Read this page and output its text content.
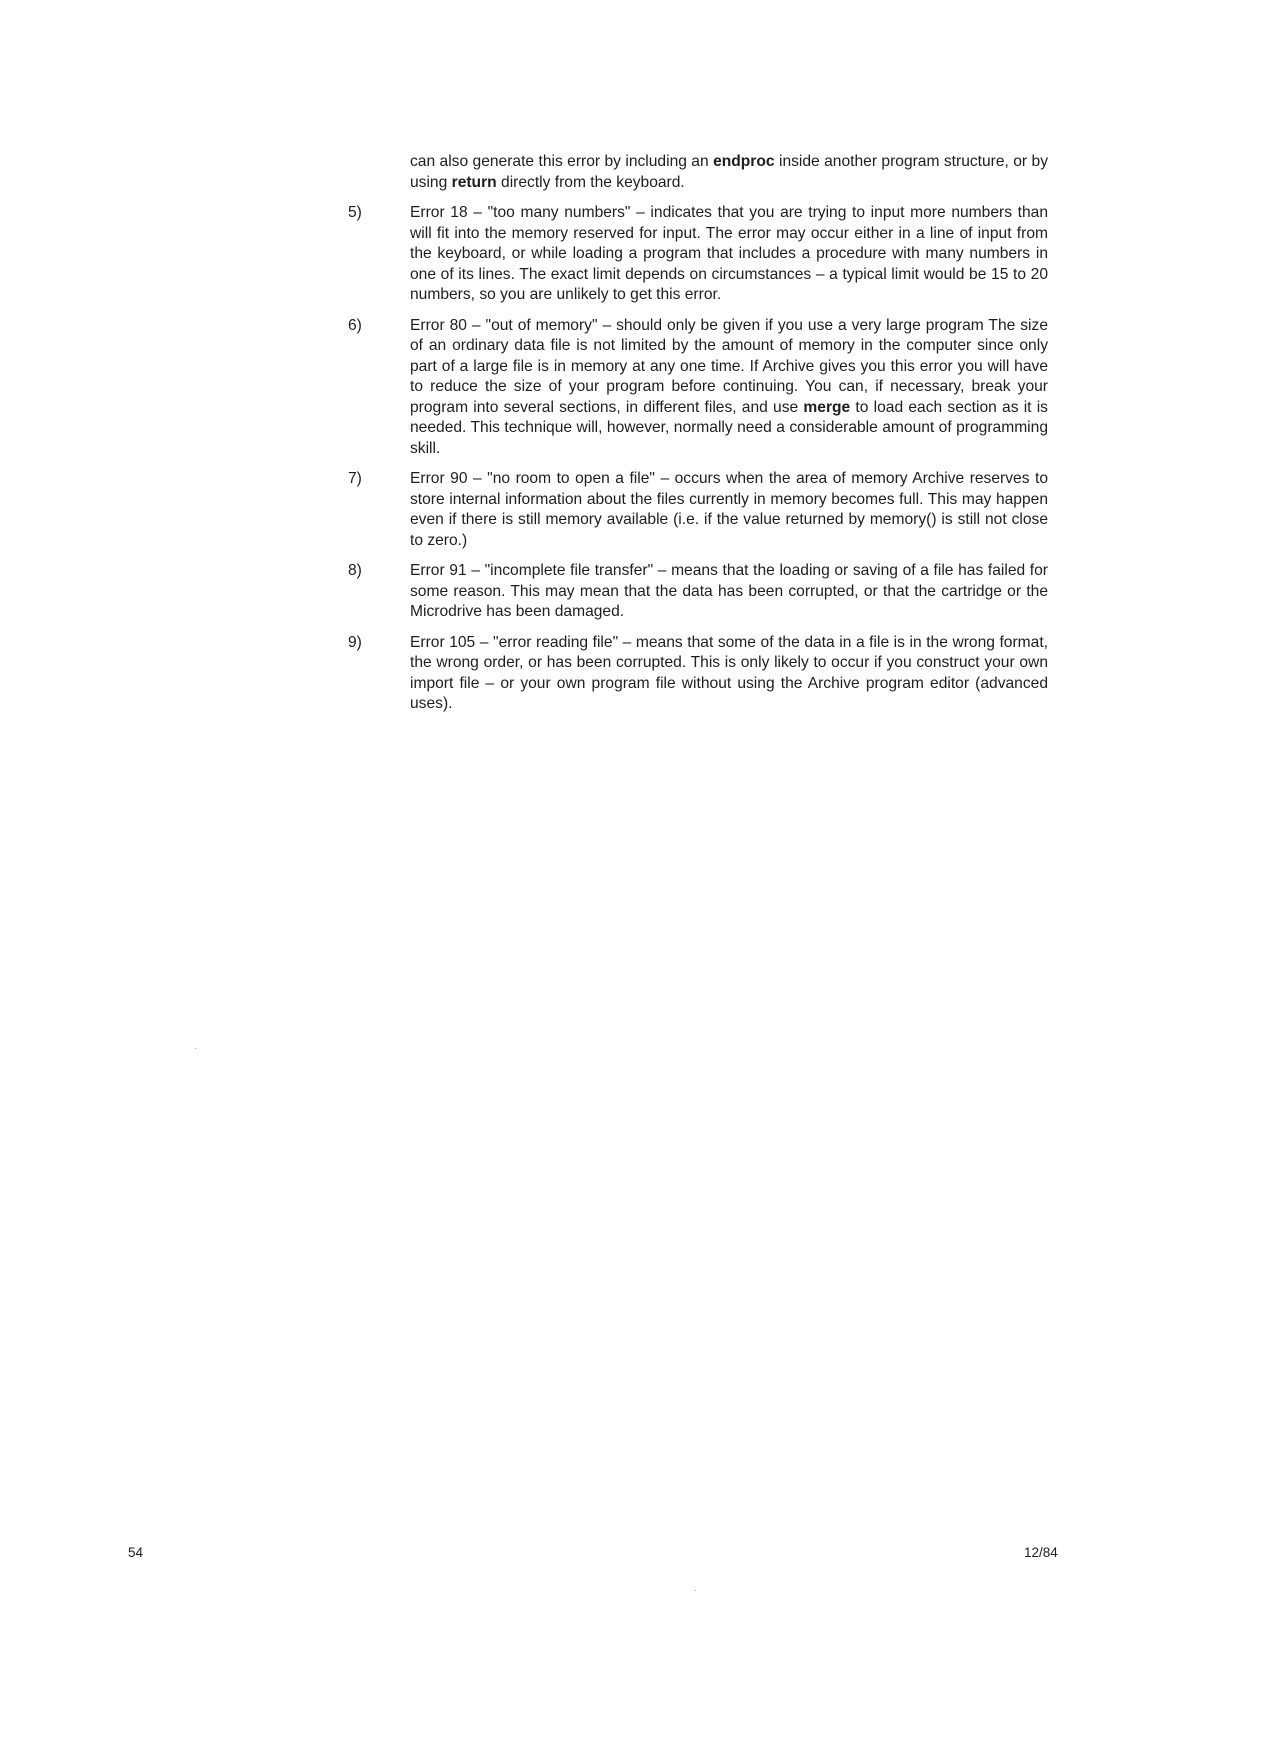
can also generate this error by including an endproc inside another program structure, or by using return directly from the keyboard.

5)	Error 18 – "too many numbers" – indicates that you are trying to input more numbers than will fit into the memory reserved for input. The error may occur either in a line of input from the keyboard, or while loading a program that includes a procedure with many numbers in one of its lines. The exact limit depends on circumstances – a typical limit would be 15 to 20 numbers, so you are unlikely to get this error.

6)	Error 80 – "out of memory" – should only be given if you use a very large program The size of an ordinary data file is not limited by the amount of memory in the computer since only part of a large file is in memory at any one time. If Archive gives you this error you will have to reduce the size of your program before continuing. You can, if necessary, break your program into several sections, in different files, and use merge to load each section as it is needed. This technique will, however, normally need a considerable amount of programming skill.

7)	Error 90 – "no room to open a file" – occurs when the area of memory Archive reserves to store internal information about the files currently in memory becomes full. This may happen even if there is still memory available (i.e. if the value returned by memory() is still not close to zero.)

8)	Error 91 – "incomplete file transfer" – means that the loading or saving of a file has failed for some reason. This may mean that the data has been corrupted, or that the cartridge or the Microdrive has been damaged.

9)	Error 105 – "error reading file" – means that some of the data in a file is in the wrong format, the wrong order, or has been corrupted. This is only likely to occur if you construct your own import file – or your own program file without using the Archive program editor (advanced uses).

54	12/84
